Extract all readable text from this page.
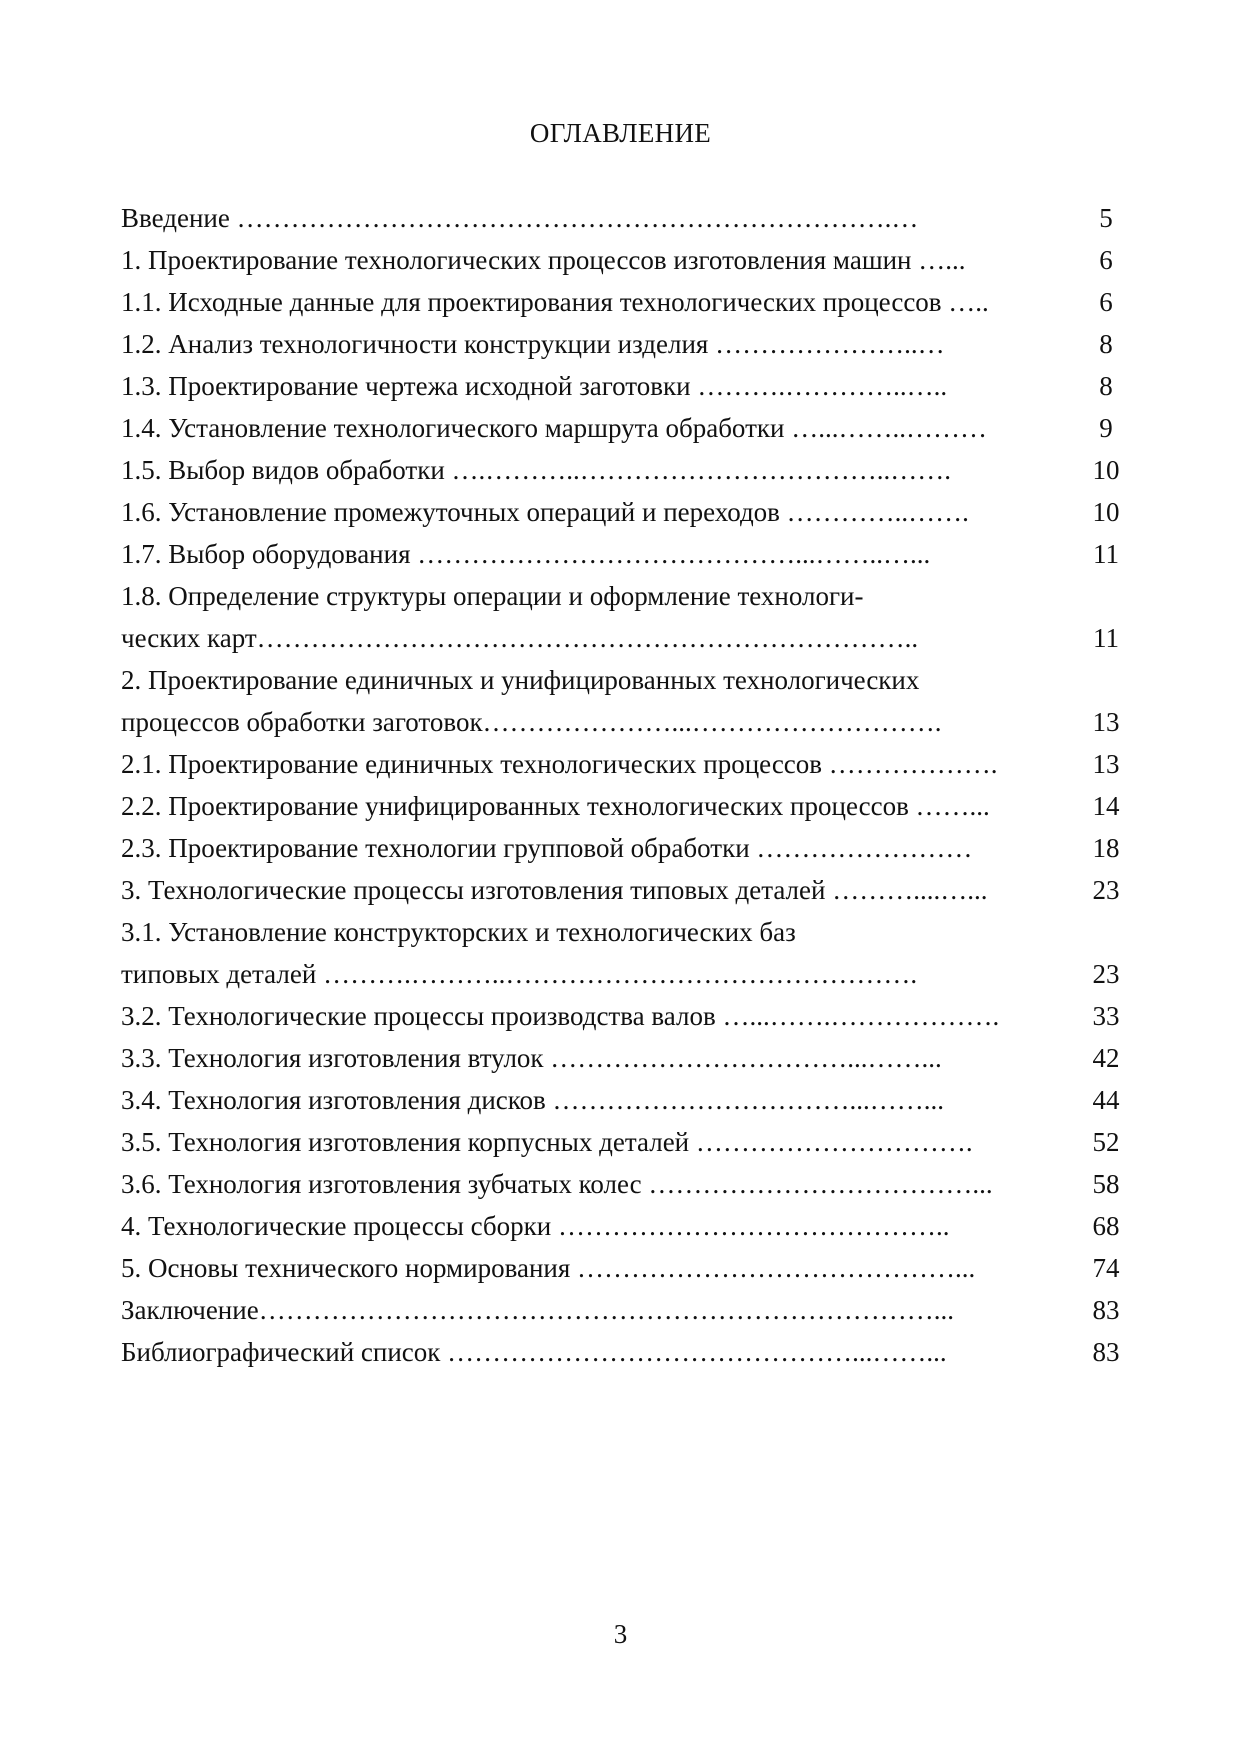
ОГЛАВЛЕНИЕ
Введение ……………………………………………………………….…	5
1. Проектирование технологических процессов изготовления машин …...	6
1.1. Исходные данные для проектирования технологических процессов …..	6
1.2. Анализ технологичности конструкции изделия …………………..…	8
1.3. Проектирование чертежа исходной заготовки ……….…………..…..	8
1.4. Установление технологического маршрута обработки …...……..………	9
1.5. Выбор видов обработки ….………..……………………………..…….	10
1.6. Установление промежуточных операций и переходов …………..…….	10
1.7. Выбор оборудования ……………………………………...……..…...	11
1.8. Определение структуры операции и оформление технологи-
ческих карт………………………………………………………………..	11
2. Проектирование единичных и унифицированных технологических
процессов обработки заготовок…………………...……………………….	13
2.1. Проектирование единичных технологических процессов ……………….	13
2.2. Проектирование унифицированных технологических процессов ……...	14
2.3. Проектирование технологии групповой обработки ……………………	18
3. Технологические процессы изготовления типовых деталей ………....…...	23
3.1. Установление конструкторских и технологических баз
типовых деталей ……….………..……………………………………….	23
3.2. Технологические процессы производства валов …...…….……………….	33
3.3. Технология изготовления втулок ……………………………...……...	42
3.4. Технология изготовления дисков ……………………………...……...	44
3.5. Технология изготовления корпусных деталей ………………………….	52
3.6. Технология изготовления зубчатых колес ………………………………...	58
4. Технологические процессы сборки ……………………………………..	68
5. Основы технического нормирования ……………………………………...	74
Заключение…………………………………………………………………...	83
Библиографический список ………………………………………...……...	83
3
